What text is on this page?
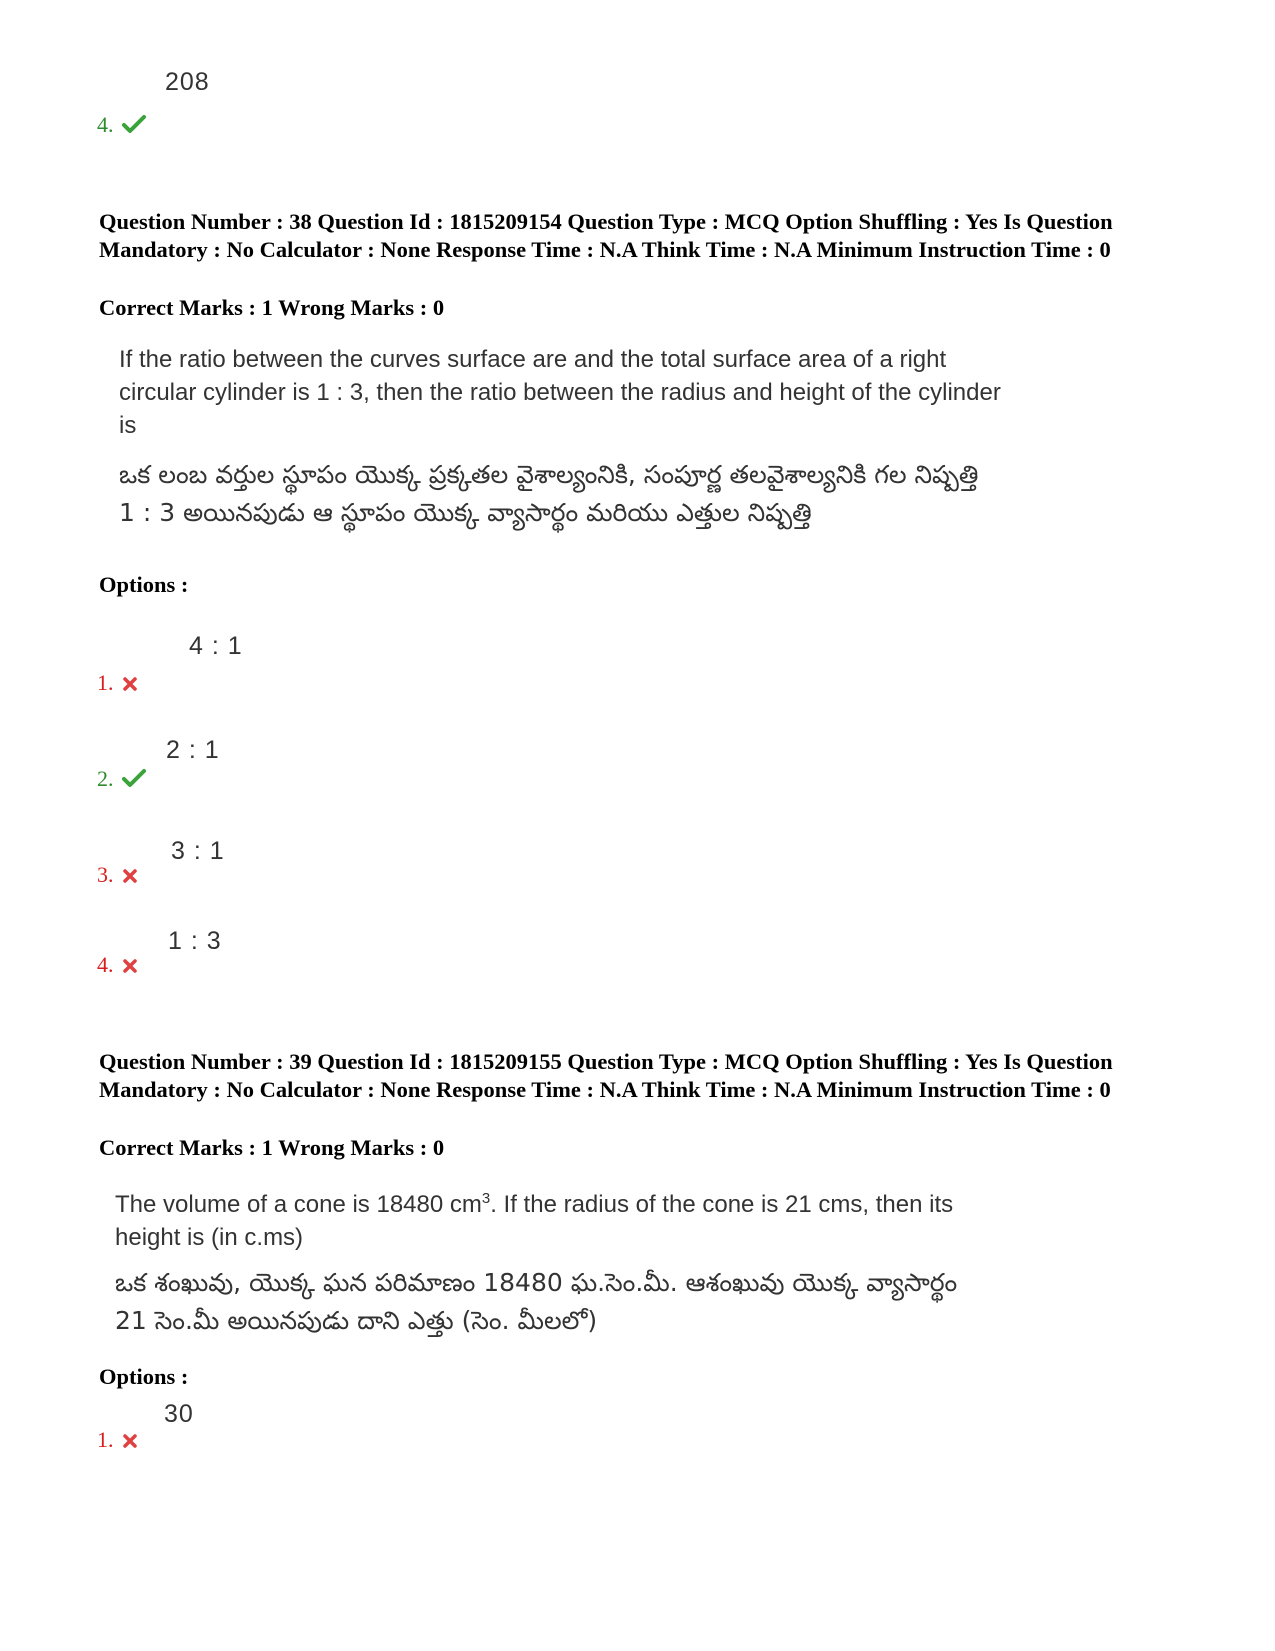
208
4.
Question Number : 38 Question Id : 1815209154 Question Type : MCQ Option Shuffling : Yes Is Question Mandatory : No Calculator : None Response Time : N.A Think Time : N.A Minimum Instruction Time : 0
Correct Marks : 1 Wrong Marks : 0
If the ratio between the curves surface are and the total surface area of a right circular cylinder is 1 : 3, then the ratio between the radius and height of the cylinder is
ఒక లంబ వర్తుల స్థూపం యొక్క ప్రక్కతల వైశాల్యంనికి, సంపూర్ణ తలవైశాల్యనికి గల నిష్పత్తి 1 : 3 అయినపుడు ఆ స్థూపం యొక్క వ్యాసార్థం మరియు ఎత్తుల నిష్పత్తి
Options :
4 : 1
1.
2 : 1
2.
3 : 1
3.
1 : 3
4.
Question Number : 39 Question Id : 1815209155 Question Type : MCQ Option Shuffling : Yes Is Question Mandatory : No Calculator : None Response Time : N.A Think Time : N.A Minimum Instruction Time : 0
Correct Marks : 1 Wrong Marks : 0
The volume of a cone is 18480 $cm^3$. If the radius of the cone is 21 cms, then its height is (in c.ms)
ఒక శంఖువు, యొక్క ఘన పరిమాణం 18480 ఘ.సెం.మీ. ఆశంఖువు యొక్క వ్యాసార్థం 21 సెం.మీ అయినపుడు దాని ఎత్తు (సెం. మీలలో)
Options :
30
1.
